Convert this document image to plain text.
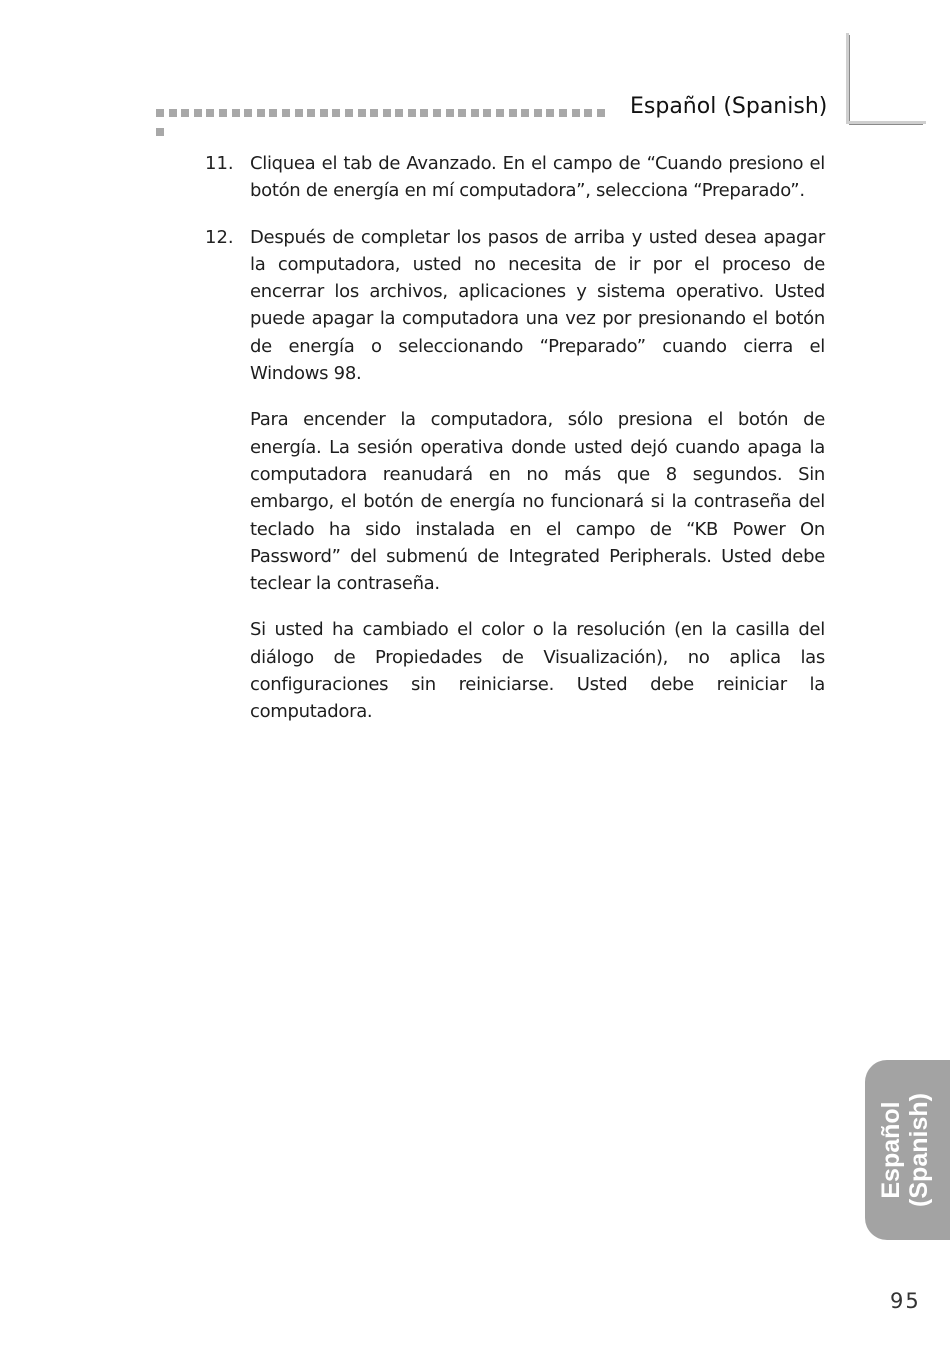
Español (Spanish)
11. Cliquea el tab de Avanzado. En el campo de “Cuando presiono el botón de energía en mí computadora”, selecciona “Preparado”.

12. Después de completar los pasos de arriba y usted desea apagar la computadora, usted no necesita de ir por el proceso de encerrar los archivos, aplicaciones y sistema operativo. Usted puede apagar la computadora una vez por presionando el botón de energía o seleccionando “Preparado” cuando cierra el Windows 98.

Para encender la computadora, sólo presiona el botón de energía. La sesión operativa donde usted dejó cuando apaga la computadora reanudará en no más que 8 segundos. Sin embargo, el botón de energía no funcionará si la contraseña del teclado ha sido instalada en el campo de “KB Power On Password” del submenú de Integrated Peripherals. Usted debe teclear la contraseña.

Si usted ha cambiado el color o la resolución (en la casilla del diálogo de Propiedades de Visualización), no aplica las configuraciones sin reiniciarse. Usted debe reiniciar la computadora.

Español (Spanish)
95
